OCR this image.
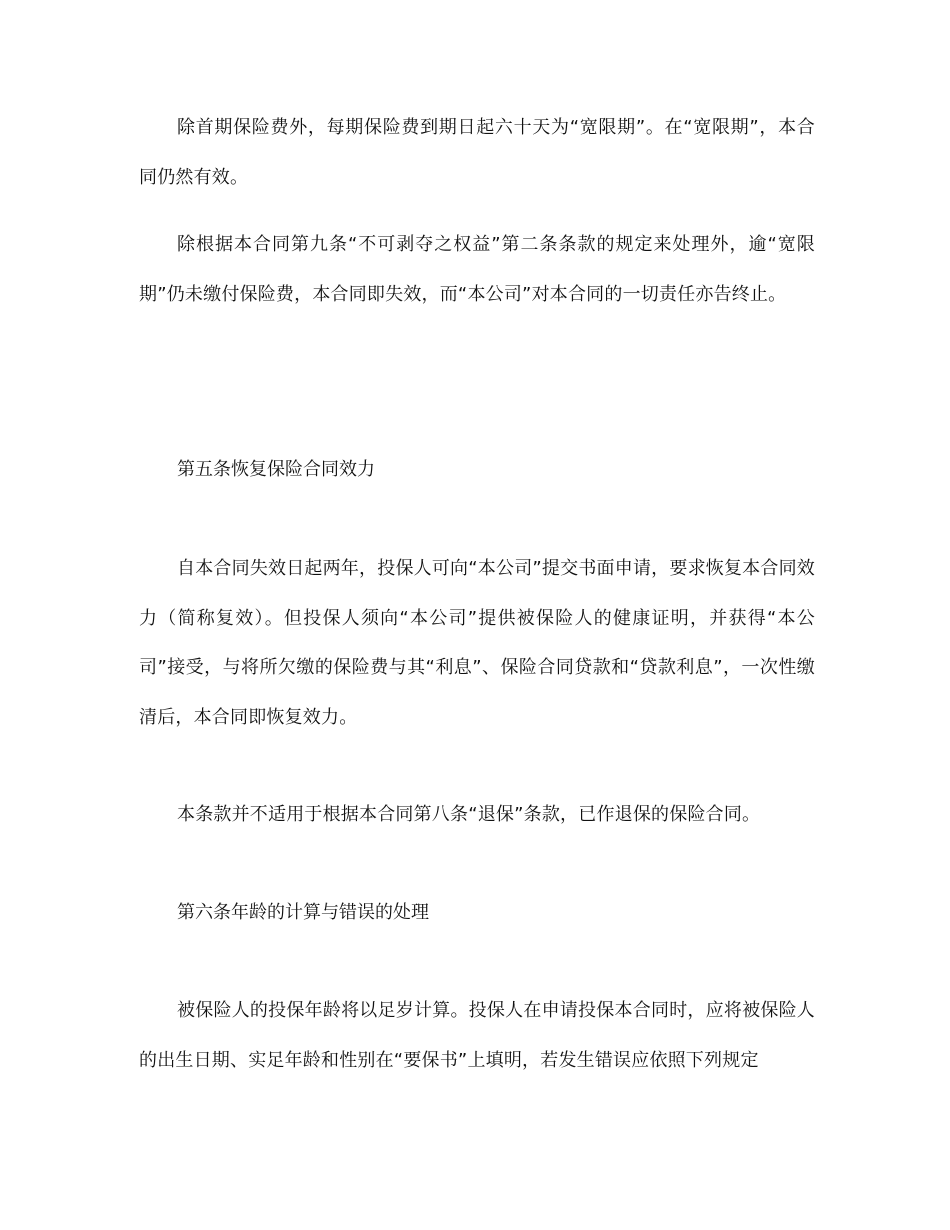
除首期保险费外，每期保险费到期日起六十天为“宽限期”。在“宽限期”，本合同仍然有效。

除根据本合同第九条“不可剥夺之权益”第二条条款的规定来处理外，逾“宽限期”仍未缴付保险费，本合同即失效，而“本公司”对本合同的一切责任亦告终止。

第五条恢复保险合同效力

自本合同失效日起两年，投保人可向“本公司”提交书面申请，要求恢复本合同效力（简称复效）。但投保人须向“本公司”提供被保险人的健康证明，并获得“本公司”接受，与将所欠缴的保险费与其“利息”、保险合同贷款和“贷款利息”，一次性缴清后，本合同即恢复效力。

本条款并不适用于根据本合同第八条“退保”条款，已作退保的保险合同。

第六条年龄的计算与错误的处理

被保险人的投保年龄将以足岁计算。投保人在申请投保本合同时，应将被保险人的出生日期、实足年龄和性别在“要保书”上填明，若发生错误应依照下列规定
